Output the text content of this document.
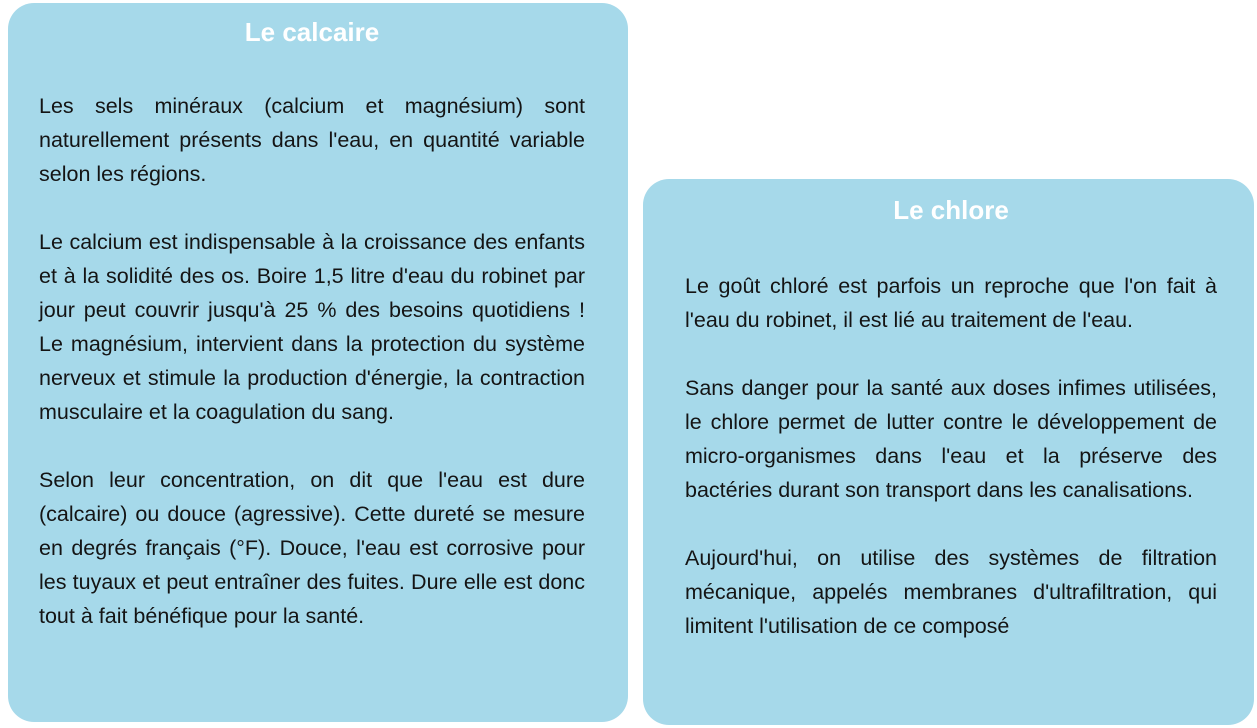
Le calcaire

Les sels minéraux (calcium et magnésium) sont naturellement présents dans l'eau, en quantité variable selon les régions.

Le calcium est indispensable à la croissance des enfants et à la solidité des os. Boire 1,5 litre d'eau du robinet par jour peut couvrir jusqu'à 25 % des besoins quotidiens ! Le magnésium, intervient dans la protection du système nerveux et stimule la production d'énergie, la contraction musculaire et la coagulation du sang.

Selon leur concentration, on dit que l'eau est dure (calcaire) ou douce (agressive). Cette dureté se mesure en degrés français (°F). Douce, l'eau est corrosive pour les tuyaux et peut entraîner des fuites. Dure elle est donc tout à fait bénéfique pour la santé.

Le chlore

Le goût chloré est parfois un reproche que l'on fait à l'eau du robinet, il est lié au traitement de l'eau.

Sans danger pour la santé aux doses infimes utilisées, le chlore permet de lutter contre le développement de micro-organismes dans l'eau et la préserve des bactéries durant son transport dans les canalisations.

Aujourd'hui, on utilise des systèmes de filtration mécanique, appelés membranes d'ultrafiltration, qui limitent l'utilisation de ce composé
